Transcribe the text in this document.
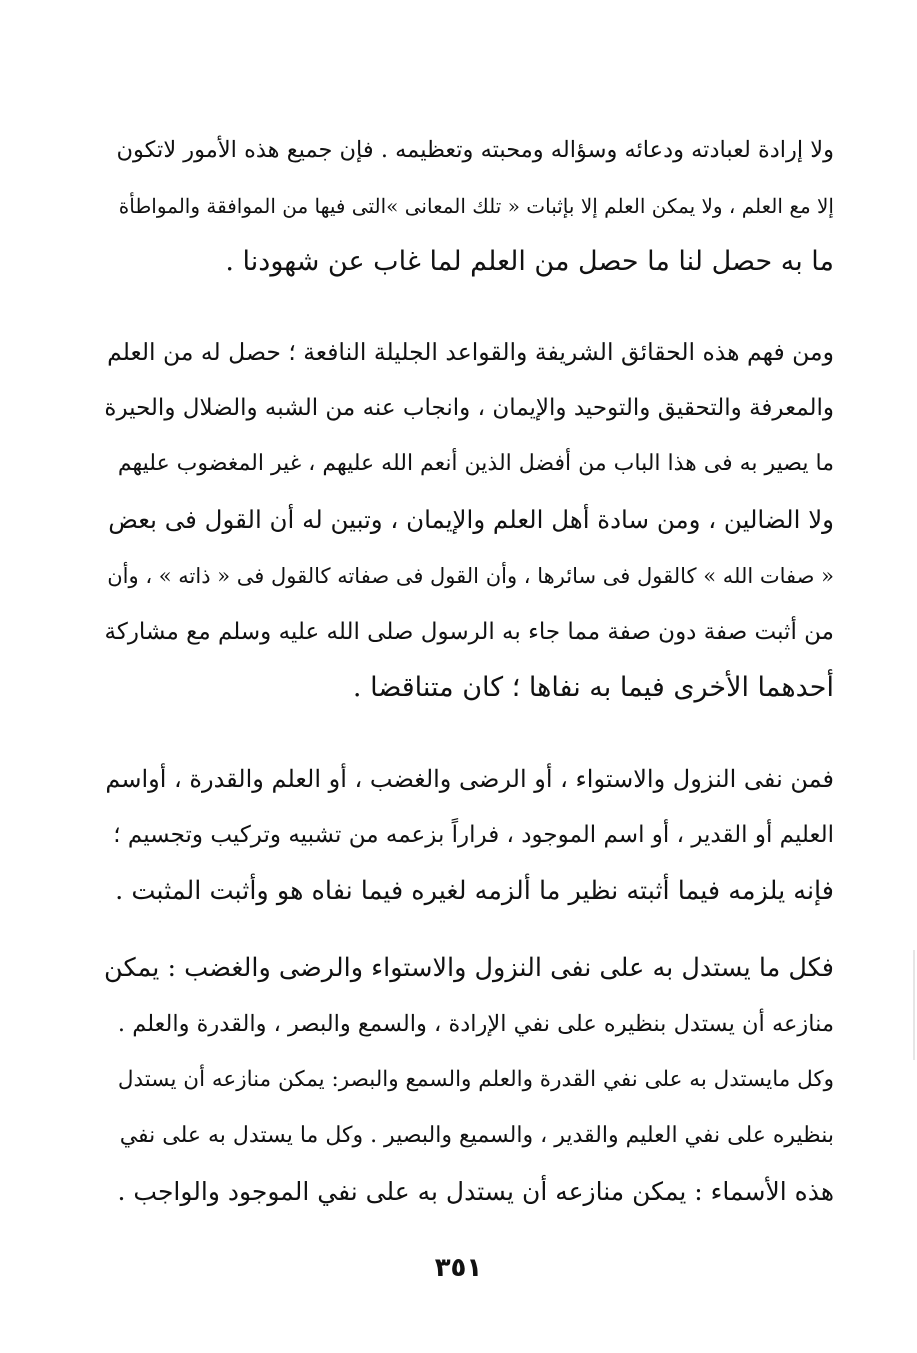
ولا إرادة لعبادته ودعائه وسؤاله ومحبته وتعظيمه . فإن جميع هذه الأمور لاتكون
إلا مع العلم ، ولا يمكن العلم إلا بإثبات « تلك المعانى »التى فيها من الموافقة والمواطأة
ما به حصل لنا ما حصل من العلم لما غاب عن شهودنا .
ومن فهم هذه الحقائق الشريفة والقواعد الجليلة النافعة ؛ حصل له من العلم
والمعرفة والتحقيق والتوحيد والإيمان ، وانجاب عنه من الشبه والضلال والحيرة
ما يصير به فى هذا الباب من أفضل الذين أنعم الله عليهم ، غير المغضوب عليهم
ولا الضالين ، ومن سادة أهل العلم والإيمان ، وتبين له أن القول فى بعض
« صفات الله » كالقول فى سائرها ، وأن القول فى صفاته كالقول فى « ذاته » ، وأن
من أثبت صفة دون صفة مما جاء به الرسول صلى الله عليه وسلم مع مشاركة
أحدهما الأخرى فيما به نفاها ؛ كان متناقضا .
فمن نفى النزول والاستواء ، أو الرضى والغضب ، أو العلم والقدرة ، أواسم
العليم أو القدير ، أو اسم الموجود ، فراراً بزعمه من تشبيه وتركيب وتجسيم ؛
فإنه يلزمه فيما أثبته نظير ما ألزمه لغيره فيما نفاه هو وأثبت المثبت .
فكل ما يستدل به على نفى النزول والاستواء والرضى والغضب : يمكن
منازعه أن يستدل بنظيره على نفي الإرادة ، والسمع والبصر ، والقدرة والعلم .
وكل مايستدل به على نفي القدرة والعلم والسمع والبصر: يمكن منازعه أن يستدل
بنظيره على نفي العليم والقدير ، والسميع والبصير . وكل ما يستدل به على نفي
هذه الأسماء : يمكن منازعه أن يستدل به على نفي الموجود والواجب .
٣٥١
